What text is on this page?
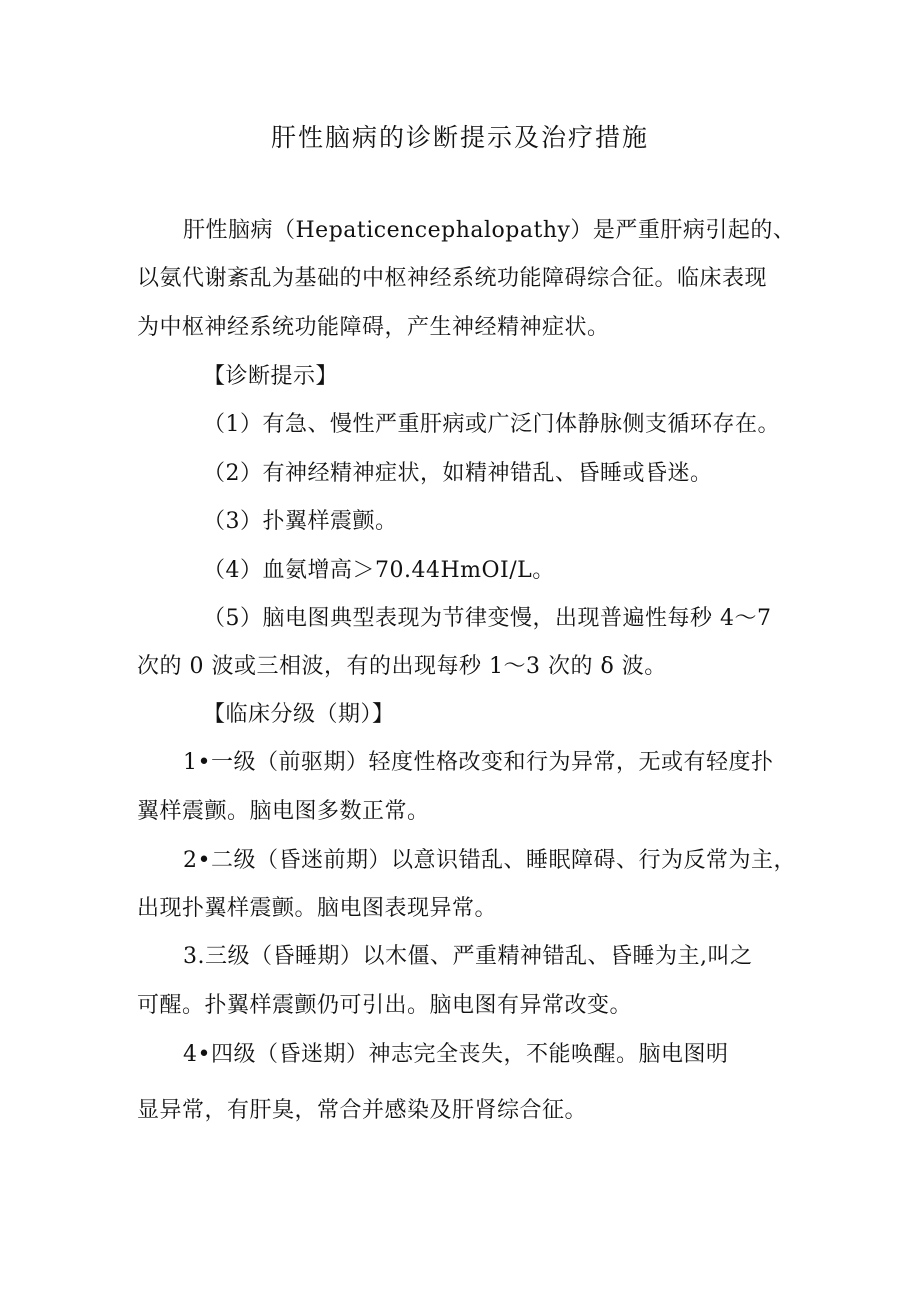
肝性脑病的诊断提示及治疗措施
肝性脑病（Hepaticencephalopathy）是严重肝病引起的、
以氨代谢紊乱为基础的中枢神经系统功能障碍综合征。临床表现
为中枢神经系统功能障碍，产生神经精神症状。
【诊断提示】
（1）有急、慢性严重肝病或广泛门体静脉侧支循环存在。
（2）有神经精神症状，如精神错乱、昏睡或昏迷。
（3）扑翼样震颤。
（4）血氨增高＞70.44HmOI/L。
（5）脑电图典型表现为节律变慢，出现普遍性每秒 4～7
次的 0 波或三相波，有的出现每秒 1～3 次的 δ 波。
【临床分级（期）】
1•一级（前驱期）轻度性格改变和行为异常，无或有轻度扑
翼样震颤。脑电图多数正常。
2•二级（昏迷前期）以意识错乱、睡眠障碍、行为反常为主，
出现扑翼样震颤。脑电图表现异常。
3.三级（昏睡期）以木僵、严重精神错乱、昏睡为主,叫之
可醒。扑翼样震颤仍可引出。脑电图有异常改变。
4•四级（昏迷期）神志完全丧失，不能唤醒。脑电图明
显异常，有肝臭，常合并感染及肝肾综合征。
